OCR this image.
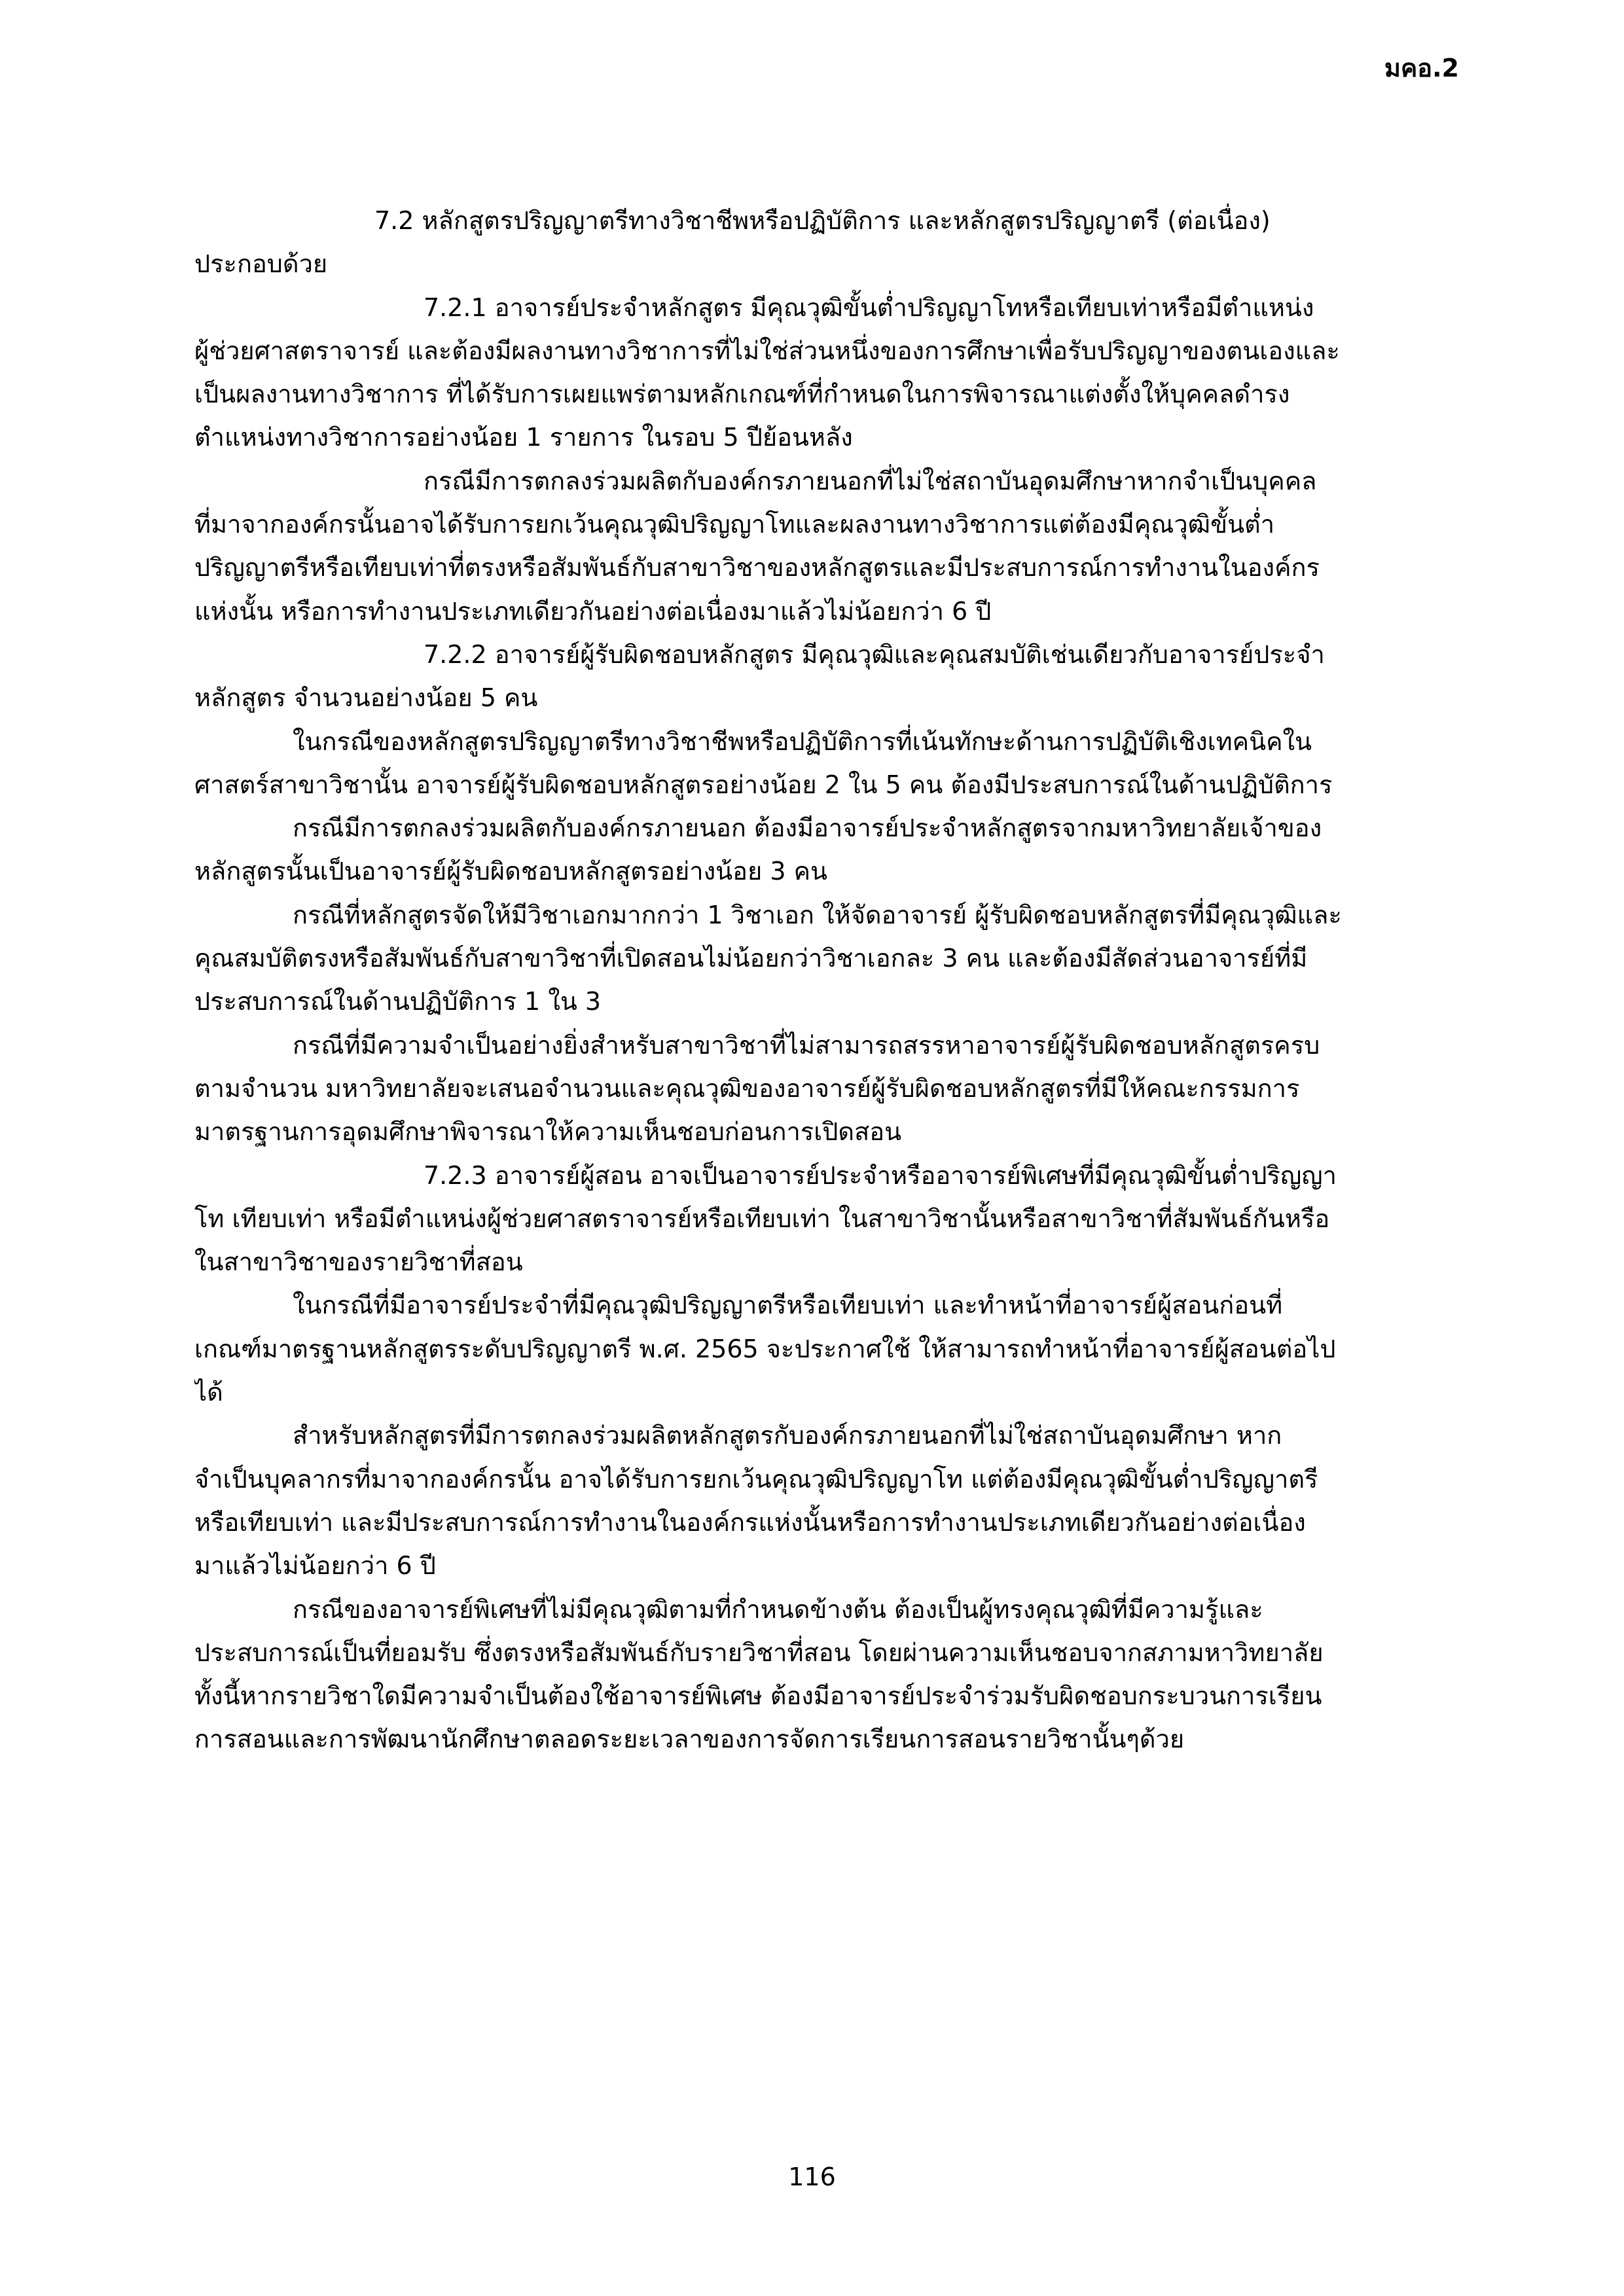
มคอ.2
7.2 หลักสูตรปริญญาตรีทางวิชาชีพหรือปฏิบัติการ และหลักสูตรปริญญาตรี (ต่อเนื่อง)
ประกอบด้วย
7.2.1 อาจารย์ประจำหลักสูตร มีคุณวุฒิขั้นต่ำปริญญาโทหรือเทียบเท่าหรือมีตำแหน่ง
ผู้ช่วยศาสตราจารย์ และต้องมีผลงานทางวิชาการที่ไม่ใช่ส่วนหนึ่งของการศึกษาเพื่อรับปริญญาของตนเองและ
เป็นผลงานทางวิชาการ ที่ได้รับการเผยแพร่ตามหลักเกณฑ์ที่กำหนดในการพิจารณาแต่งตั้งให้บุคคลดำรง
ตำแหน่งทางวิชาการอย่างน้อย 1 รายการ ในรอบ 5 ปีย้อนหลัง
กรณีมีการตกลงร่วมผลิตกับองค์กรภายนอกที่ไม่ใช่สถาบันอุดมศึกษาหากจำเป็นบุคคล
ที่มาจากองค์กรนั้นอาจได้รับการยกเว้นคุณวุฒิปริญญาโทและผลงานทางวิชาการแต่ต้องมีคุณวุฒิขั้นต่ำ
ปริญญาตรีหรือเทียบเท่าที่ตรงหรือสัมพันธ์กับสาขาวิชาของหลักสูตรและมีประสบการณ์การทำงานในองค์กร
แห่งนั้น หรือการทำงานประเภทเดียวกันอย่างต่อเนื่องมาแล้วไม่น้อยกว่า 6 ปี
7.2.2 อาจารย์ผู้รับผิดชอบหลักสูตร มีคุณวุฒิและคุณสมบัติเช่นเดียวกับอาจารย์ประจำ
หลักสูตร จำนวนอย่างน้อย 5 คน
ในกรณีของหลักสูตรปริญญาตรีทางวิชาชีพหรือปฏิบัติการที่เน้นทักษะด้านการปฏิบัติเชิงเทคนิคใน
ศาสตร์สาขาวิชานั้น อาจารย์ผู้รับผิดชอบหลักสูตรอย่างน้อย 2 ใน 5 คน ต้องมีประสบการณ์ในด้านปฏิบัติการ
กรณีมีการตกลงร่วมผลิตกับองค์กรภายนอก ต้องมีอาจารย์ประจำหลักสูตรจากมหาวิทยาลัยเจ้าของ
หลักสูตรนั้นเป็นอาจารย์ผู้รับผิดชอบหลักสูตรอย่างน้อย 3 คน
กรณีที่หลักสูตรจัดให้มีวิชาเอกมากกว่า 1 วิชาเอก ให้จัดอาจารย์ ผู้รับผิดชอบหลักสูตรที่มีคุณวุฒิและ
คุณสมบัติตรงหรือสัมพันธ์กับสาขาวิชาที่เปิดสอนไม่น้อยกว่าวิชาเอกละ 3 คน และต้องมีสัดส่วนอาจารย์ที่มี
ประสบการณ์ในด้านปฏิบัติการ 1 ใน 3
กรณีที่มีความจำเป็นอย่างยิ่งสำหรับสาขาวิชาที่ไม่สามารถสรรหาอาจารย์ผู้รับผิดชอบหลักสูตรครบ
ตามจำนวน มหาวิทยาลัยจะเสนอจำนวนและคุณวุฒิของอาจารย์ผู้รับผิดชอบหลักสูตรที่มีให้คณะกรรมการ
มาตรฐานการอุดมศึกษาพิจารณาให้ความเห็นชอบก่อนการเปิดสอน
7.2.3 อาจารย์ผู้สอน อาจเป็นอาจารย์ประจำหรืออาจารย์พิเศษที่มีคุณวุฒิขั้นต่ำปริญญา
โท เทียบเท่า หรือมีตำแหน่งผู้ช่วยศาสตราจารย์หรือเทียบเท่า ในสาขาวิชานั้นหรือสาขาวิชาที่สัมพันธ์กันหรือ
ในสาขาวิชาของรายวิชาที่สอน
ในกรณีที่มีอาจารย์ประจำที่มีคุณวุฒิปริญญาตรีหรือเทียบเท่า และทำหน้าที่อาจารย์ผู้สอนก่อนที่
เกณฑ์มาตรฐานหลักสูตรระดับปริญญาตรี พ.ศ. 2565 จะประกาศใช้ ให้สามารถทำหน้าที่อาจารย์ผู้สอนต่อไป
ได้
สำหรับหลักสูตรที่มีการตกลงร่วมผลิตหลักสูตรกับองค์กรภายนอกที่ไม่ใช่สถาบันอุดมศึกษา หาก
จำเป็นบุคลากรที่มาจากองค์กรนั้น อาจได้รับการยกเว้นคุณวุฒิปริญญาโท แต่ต้องมีคุณวุฒิขั้นต่ำปริญญาตรี
หรือเทียบเท่า และมีประสบการณ์การทำงานในองค์กรแห่งนั้นหรือการทำงานประเภทเดียวกันอย่างต่อเนื่อง
มาแล้วไม่น้อยกว่า 6 ปี
กรณีของอาจารย์พิเศษที่ไม่มีคุณวุฒิตามที่กำหนดข้างต้น ต้องเป็นผู้ทรงคุณวุฒิที่มีความรู้และ
ประสบการณ์เป็นที่ยอมรับ ซึ่งตรงหรือสัมพันธ์กับรายวิชาที่สอน โดยผ่านความเห็นชอบจากสภามหาวิทยาลัย
ทั้งนี้หากรายวิชาใดมีความจำเป็นต้องใช้อาจารย์พิเศษ ต้องมีอาจารย์ประจำร่วมรับผิดชอบกระบวนการเรียน
การสอนและการพัฒนานักศึกษาตลอดระยะเวลาของการจัดการเรียนการสอนรายวิชานั้นๆด้วย
116
